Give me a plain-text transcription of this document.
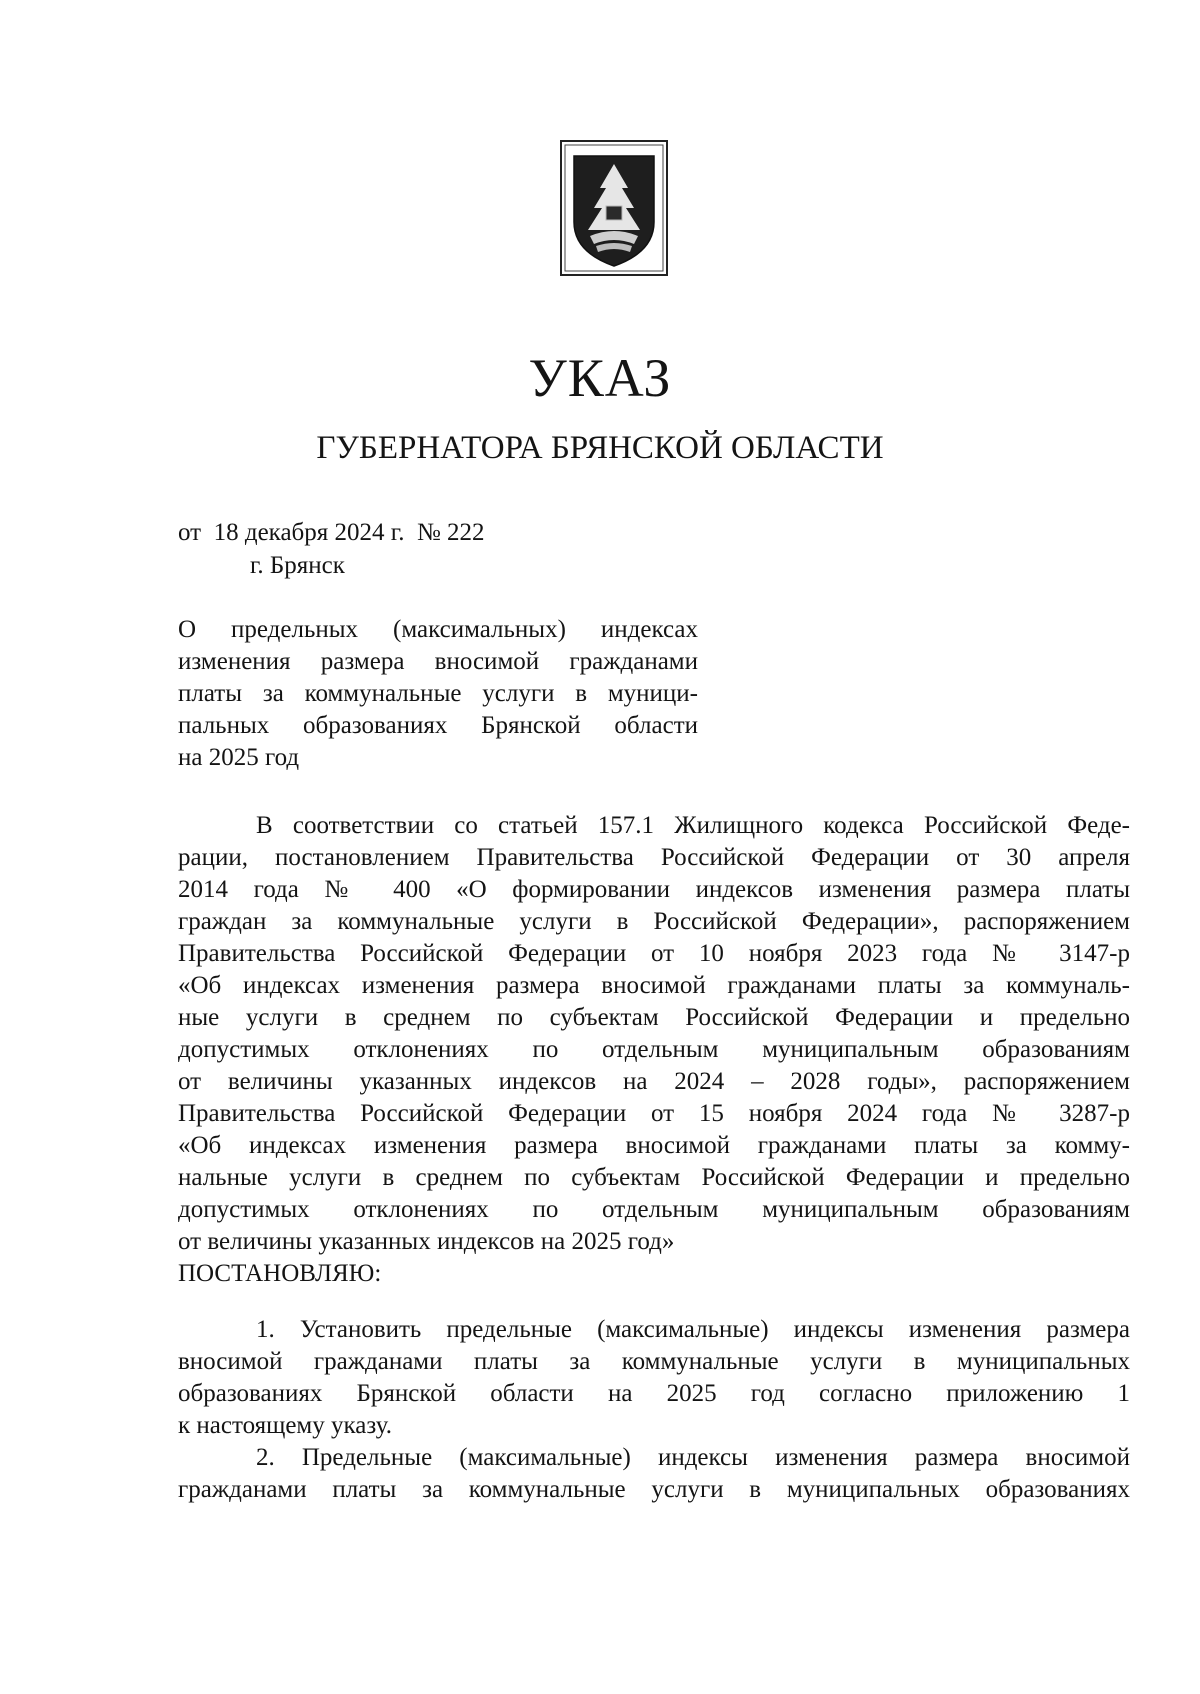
УКАЗ
ГУБЕРНАТОРА БРЯНСКОЙ ОБЛАСТИ
от 18 декабря 2024 г. № 222
г. Брянск
О предельных (максимальных) индексах
изменения размера вносимой гражданами
платы за коммунальные услуги в муници-
пальных образованиях Брянской области
на 2025 год
В соответствии со статьей 157.1 Жилищного кодекса Российской Феде-
рации, постановлением Правительства Российской Федерации от 30 апреля
2014 года № 400 «О формировании индексов изменения размера платы
граждан за коммунальные услуги в Российской Федерации», распоряжением
Правительства Российской Федерации от 10 ноября 2023 года № 3147-р
«Об индексах изменения размера вносимой гражданами платы за коммуналь-
ные услуги в среднем по субъектам Российской Федерации и предельно
допустимых отклонениях по отдельным муниципальным образованиям
от величины указанных индексов на 2024 – 2028 годы», распоряжением
Правительства Российской Федерации от 15 ноября 2024 года № 3287-р
«Об индексах изменения размера вносимой гражданами платы за комму-
нальные услуги в среднем по субъектам Российской Федерации и предельно
допустимых отклонениях по отдельным муниципальным образованиям
от величины указанных индексов на 2025 год»
ПОСТАНОВЛЯЮ:
1. Установить предельные (максимальные) индексы изменения размера
вносимой гражданами платы за коммунальные услуги в муниципальных
образованиях Брянской области на 2025 год согласно приложению 1
к настоящему указу.
2. Предельные (максимальные) индексы изменения размера вносимой
гражданами платы за коммунальные услуги в муниципальных образованиях
